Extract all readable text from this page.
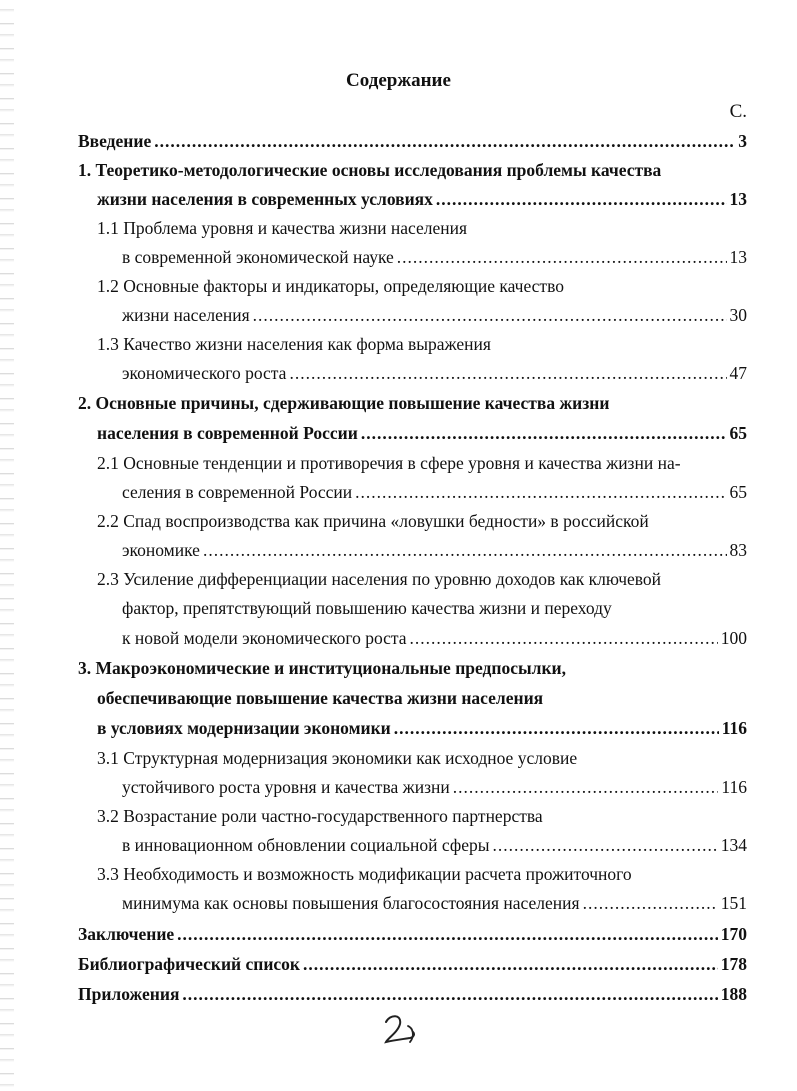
Содержание
С.
Введение .....	3
1. Теоретико-методологические основы исследования проблемы качества
жизни населения в современных условиях .....	13
1.1 Проблема уровня и качества жизни населения
в современной экономической науке .....	13
1.2 Основные факторы и индикаторы, определяющие качество
жизни населения .....	30
1.3 Качество жизни населения как форма выражения
экономического роста .....	47
2. Основные причины, сдерживающие повышение качества жизни
населения в современной России .....	65
2.1 Основные тенденции и противоречия в сфере уровня и качества жизни на-
селения в современной России .....	65
2.2 Спад воспроизводства как причина «ловушки бедности» в российской
экономике .....	83
2.3 Усиление дифференциации населения по уровню доходов как ключевой
фактор, препятствующий повышению качества жизни и переходу
к новой модели экономического роста .....	100
3. Макроэкономические и институциональные предпосылки,
обеспечивающие повышение качества жизни населения
в условиях модернизации экономики .....	116
3.1 Структурная модернизация экономики как исходное условие
устойчивого роста уровня и качества жизни .....	116
3.2 Возрастание роли частно-государственного партнерства
в инновационном обновлении социальной сферы .....	134
3.3 Необходимость и возможность модификации расчета прожиточного
минимума как основы повышения благосостояния населения .....	151
Заключение .....	170
Библиографический список .....	178
Приложения .....	188
